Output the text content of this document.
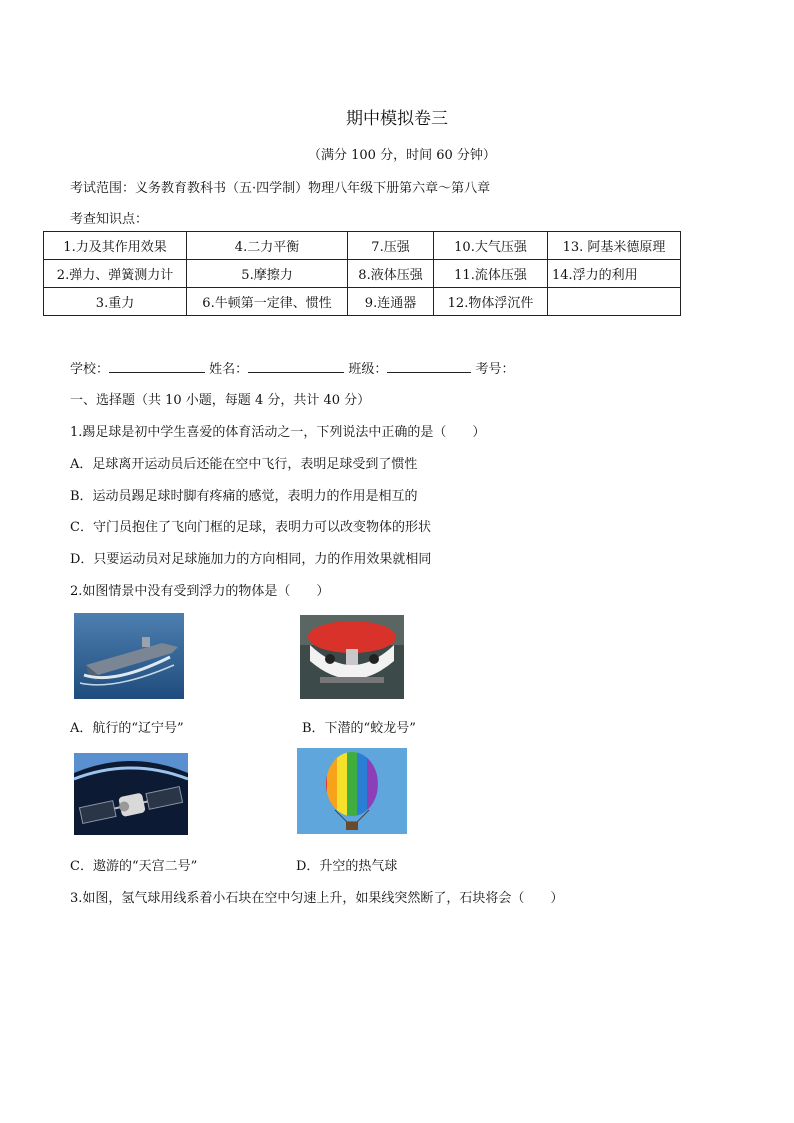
期中模拟卷三
（满分 100 分，时间 60 分钟）
考试范围：义务教育教科书（五·四学制）物理八年级下册第六章～第八章
考查知识点：
1.力及其作用效果	4.二力平衡	7.压强	10.大气压强	13. 阿基米德原理
2.弹力、弹簧测力计	5.摩擦力	8.液体压强	11.流体压强	14.浮力的利用
3.重力	6.牛顿第一定律、惯性	9.连通器	12.物体浮沉件	
学校：	姓名：	班级：	考号：
一、选择题（共 10 小题，每题 4 分，共计 40 分）
1.踢足球是初中学生喜爱的体育活动之一，下列说法中正确的是（　　）
A．足球离开运动员后还能在空中飞行，表明足球受到了惯性
B．运动员踢足球时脚有疼痛的感觉，表明力的作用是相互的
C．守门员抱住了飞向门框的足球，表明力可以改变物体的形状
D．只要运动员对足球施加力的方向相同，力的作用效果就相同
2.如图情景中没有受到浮力的物体是（　　）
A．航行的“辽宁号”	B．下潜的“蛟龙号”
C．遨游的“天宫二号”	D．升空的热气球
3.如图，氢气球用线系着小石块在空中匀速上升，如果线突然断了，石块将会（　　）
